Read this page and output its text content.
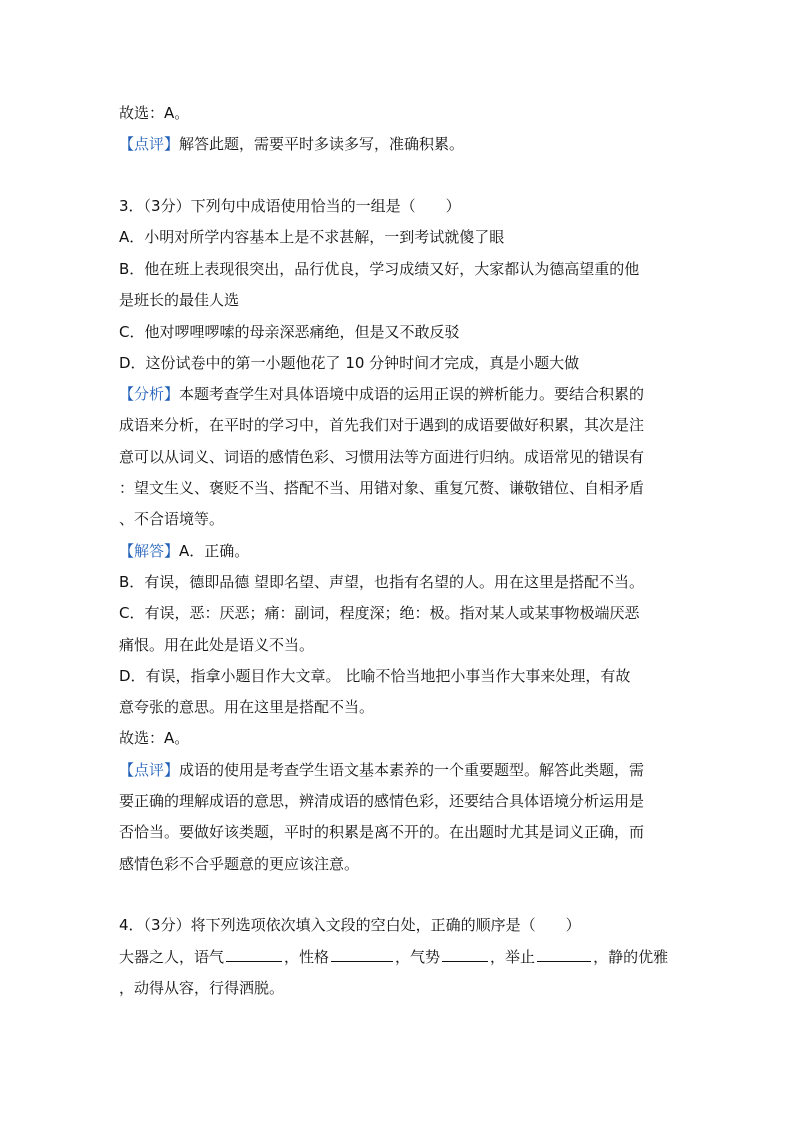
故选：A。
【点评】解答此题，需要平时多读多写，准确积累。
3．（3分）下列句中成语使用恰当的一组是（　　）
A．小明对所学内容基本上是不求甚解，一到考试就傻了眼
B．他在班上表现很突出，品行优良，学习成绩又好，大家都认为德高望重的他
是班长的最佳人选
C．他对啰哩啰嗦的母亲深恶痛绝，但是又不敢反驳
D．这份试卷中的第一小题他花了 10 分钟时间才完成，真是小题大做
【分析】本题考查学生对具体语境中成语的运用正误的辨析能力。要结合积累的
成语来分析，在平时的学习中，首先我们对于遇到的成语要做好积累，其次是注
意可以从词义、词语的感情色彩、习惯用法等方面进行归纳。成语常见的错误有
：望文生义、褒贬不当、搭配不当、用错对象、重复冗赘、谦敬错位、自相矛盾
、不合语境等。
【解答】A．正确。
B．有误，德即品德 望即名望、声望，也指有名望的人。用在这里是搭配不当。
C．有误，恶：厌恶；痛：副词，程度深；绝：极。指对某人或某事物极端厌恶
痛恨。用在此处是语义不当。
D．有误，指拿小题目作大文章。 比喻不恰当地把小事当作大事来处理，有故
意夸张的意思。用在这里是搭配不当。
故选：A。
【点评】成语的使用是考查学生语文基本素养的一个重要题型。解答此类题，需
要正确的理解成语的意思，辨清成语的感情色彩，还要结合具体语境分析运用是
否恰当。要做好该类题，平时的积累是离不开的。在出题时尤其是词义正确，而
感情色彩不合乎题意的更应该注意。
4．（3分）将下列选项依次填入文段的空白处，正确的顺序是（　　）
大器之人，语气	，性格	，气势	，举止	，静的优雅
，动得从容，行得洒脱。
